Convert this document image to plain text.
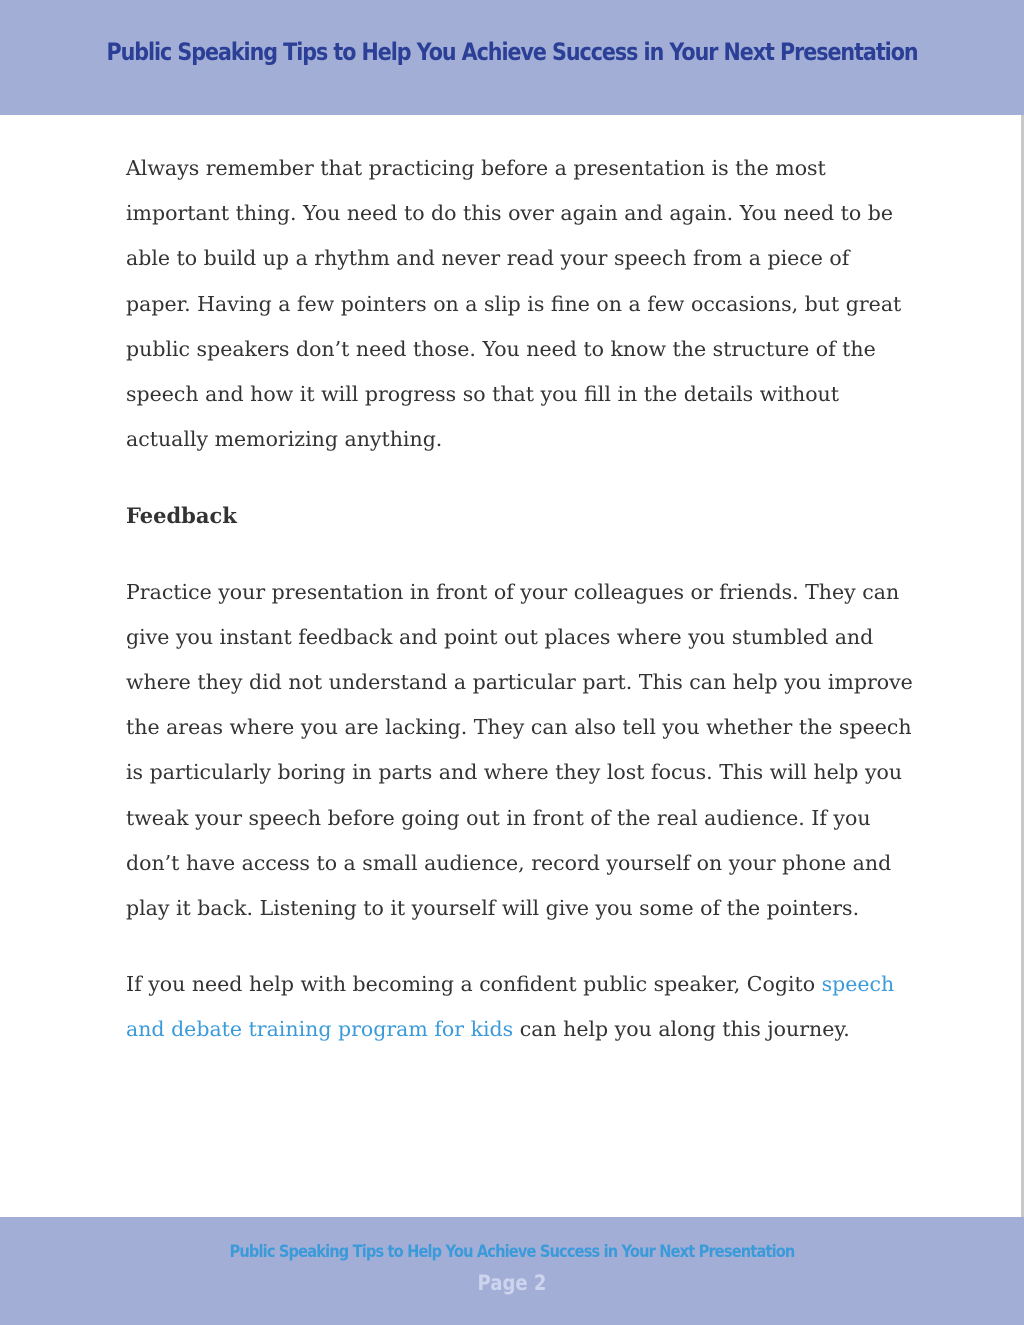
Public Speaking Tips to Help You Achieve Success in Your Next Presentation

Always remember that practicing before a presentation is the most important thing. You need to do this over again and again. You need to be able to build up a rhythm and never read your speech from a piece of paper. Having a few pointers on a slip is fine on a few occasions, but great public speakers don’t need those. You need to know the structure of the speech and how it will progress so that you fill in the details without actually memorizing anything.

Feedback

Practice your presentation in front of your colleagues or friends. They can give you instant feedback and point out places where you stumbled and where they did not understand a particular part. This can help you improve the areas where you are lacking. They can also tell you whether the speech is particularly boring in parts and where they lost focus. This will help you tweak your speech before going out in front of the real audience. If you don’t have access to a small audience, record yourself on your phone and play it back. Listening to it yourself will give you some of the pointers.

If you need help with becoming a confident public speaker, Cogito speech and debate training program for kids can help you along this journey.

Public Speaking Tips to Help You Achieve Success in Your Next Presentation
Page 2
